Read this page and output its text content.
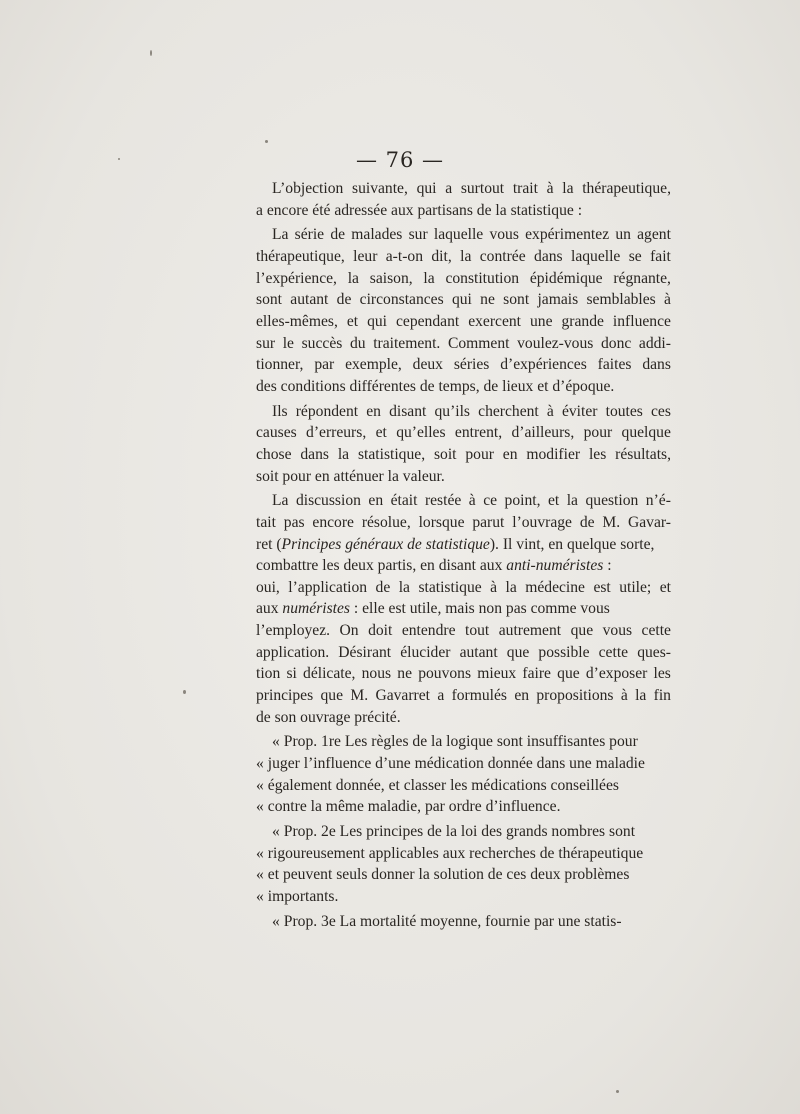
— 76 —
L’objection suivante, qui a surtout trait à la thérapeutique,
a encore été adressée aux partisans de la statistique :
La série de malades sur laquelle vous expérimentez un agent
thérapeutique, leur a-t-on dit, la contrée dans laquelle se fait
l’expérience, la saison, la constitution épidémique régnante,
sont autant de circonstances qui ne sont jamais semblables à
elles-mêmes, et qui cependant exercent une grande influence
sur le succès du traitement. Comment voulez-vous donc addi-
tionner, par exemple, deux séries d’expériences faites dans
des conditions différentes de temps, de lieux et d’époque.
Ils répondent en disant qu’ils cherchent à éviter toutes ces
causes d’erreurs, et qu’elles entrent, d’ailleurs, pour quelque
chose dans la statistique, soit pour en modifier les résultats,
soit pour en atténuer la valeur.
La discussion en était restée à ce point, et la question n’é-
tait pas encore résolue, lorsque parut l’ouvrage de M. Gavar-
ret ( Principes généraux de statistique ). Il vint, en quelque sorte,
combattre les deux partis, en disant aux anti-numéristes :
oui, l’application de la statistique à la médecine est utile; et
aux numéristes : elle est utile, mais non pas comme vous
l’employez. On doit entendre tout autrement que vous cette
application. Désirant élucider autant que possible cette ques-
tion si délicate, nous ne pouvons mieux faire que d’exposer les
principes que M. Gavarret a formulés en propositions à la fin
de son ouvrage précité.
« Prop. 1re Les règles de la logique sont insuffisantes pour
« juger l’influence d’une médication donnée dans une maladie
« également donnée, et classer les médications conseillées
« contre la même maladie, par ordre d’influence.
« Prop. 2e Les principes de la loi des grands nombres sont
« rigoureusement applicables aux recherches de thérapeutique
« et peuvent seuls donner la solution de ces deux problèmes
« importants.
« Prop. 3e La mortalité moyenne, fournie par une statis-
